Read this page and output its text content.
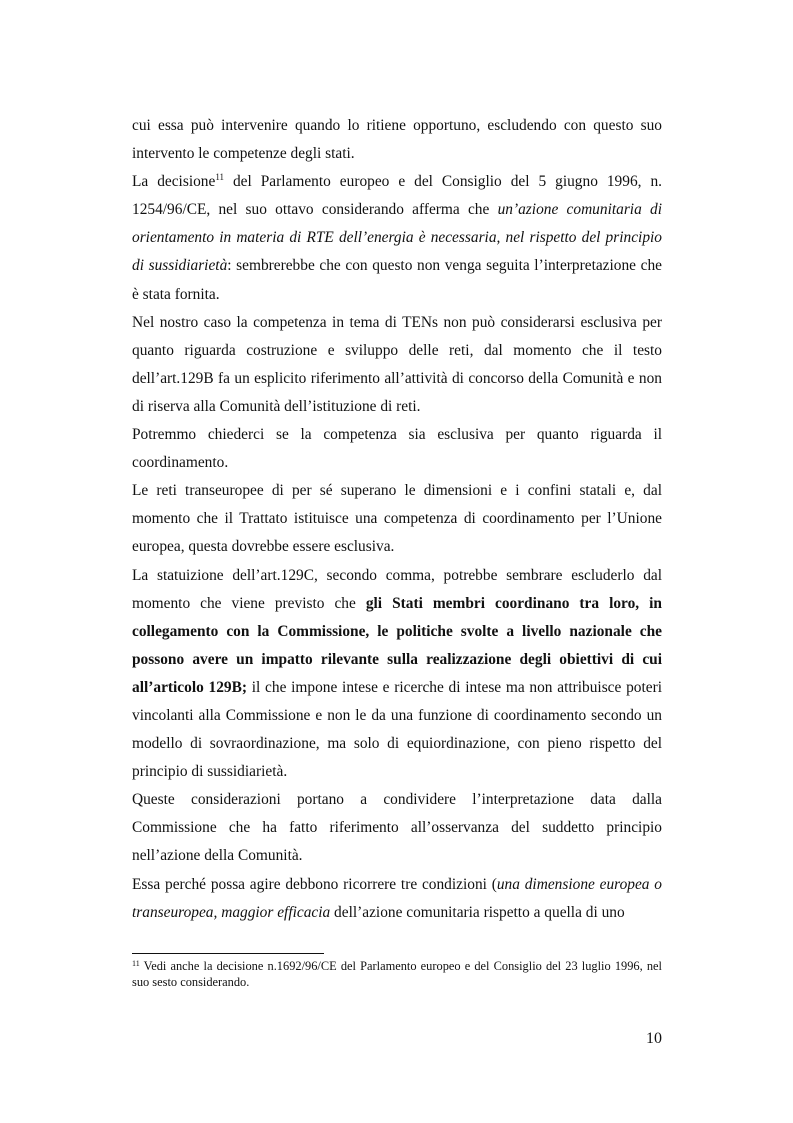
cui essa può intervenire quando lo ritiene opportuno, escludendo con questo suo intervento le competenze degli stati.

La decisione$^{11}$ del Parlamento europeo e del Consiglio del 5 giugno 1996, n. 1254/96/CE, nel suo ottavo considerando afferma che un’azione comunitaria di orientamento in materia di RTE dell’energia è necessaria, nel rispetto del principio di sussidiarietà: sembrerebbe che con questo non venga seguita l’interpretazione che è stata fornita.

Nel nostro caso la competenza in tema di TENs non può considerarsi esclusiva per quanto riguarda costruzione e sviluppo delle reti, dal momento che il testo dell’art.129B fa un esplicito riferimento all’attività di concorso della Comunità e non di riserva alla Comunità dell’istituzione di reti.

Potremmo chiederci se la competenza sia esclusiva per quanto riguarda il coordinamento.

Le reti transeuropee di per sé superano le dimensioni e i confini statali e, dal momento che il Trattato istituisce una competenza di coordinamento per l’Unione europea, questa dovrebbe essere esclusiva.

La statuizione dell’art.129C, secondo comma, potrebbe sembrare escluderlo dal momento che viene previsto che gli Stati membri coordinano tra loro, in collegamento con la Commissione, le politiche svolte a livello nazionale che possono avere un impatto rilevante sulla realizzazione degli obiettivi di cui all’articolo 129B; il che impone intese e ricerche di intese ma non attribuisce poteri vincolanti alla Commissione e non le da una funzione di coordinamento secondo un modello di sovraordinazione, ma solo di equiordinazione, con pieno rispetto del principio di sussidiarietà.

Queste considerazioni portano a condividere l’interpretazione data dalla Commissione che ha fatto riferimento all’osservanza del suddetto principio nell’azione della Comunità.

Essa perché possa agire debbono ricorrere tre condizioni (una dimensione europea o transeuropea, maggior efficacia dell’azione comunitaria rispetto a quella di uno

$^{11}$ Vedi anche la decisione n.1692/96/CE del Parlamento europeo e del Consiglio del 23 luglio 1996, nel suo sesto considerando.

10
